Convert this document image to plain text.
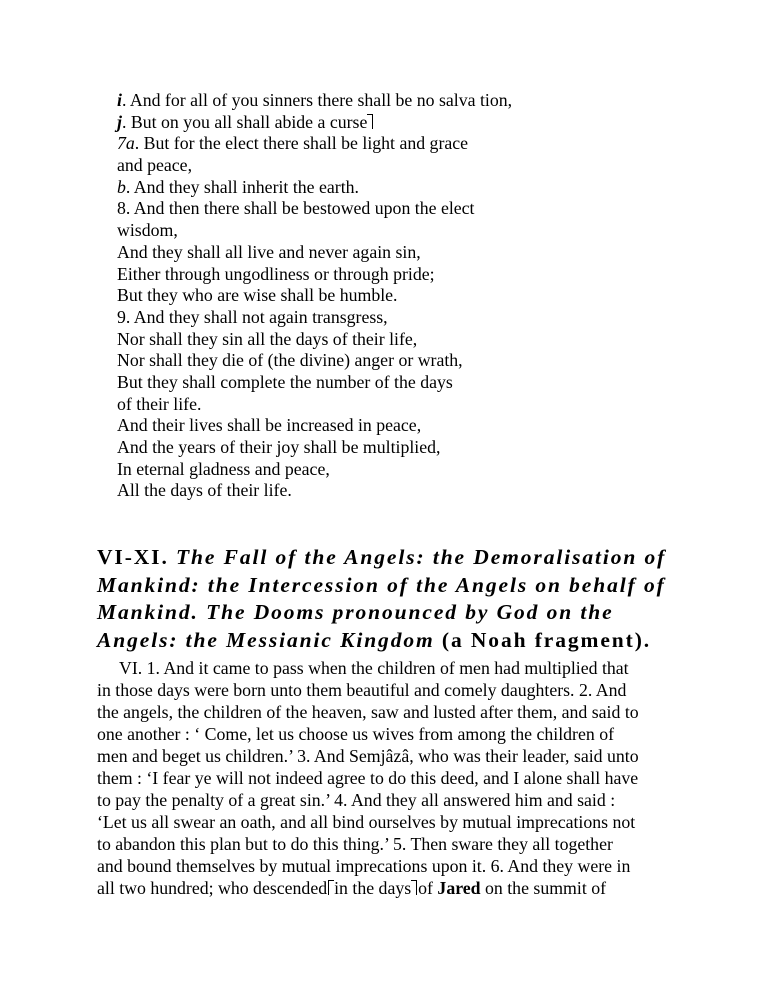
i. And for all of you sinners there shall be no salva tion,
j. But on you all shall abide a curse
7a. But for the elect there shall be light and grace
and peace,
b. And they shall inherit the earth.
8. And then there shall be bestowed upon the elect
wisdom,
And they shall all live and never again sin,
Either through ungodliness or through pride;
But they who are wise shall be humble.
9. And they shall not again transgress,
Nor shall they sin all the days of their life,
Nor shall they die of (the divine) anger or wrath,
But they shall complete the number of the days
of their life.
And their lives shall be increased in peace,
And the years of their joy shall be multiplied,
In eternal gladness and peace,
All the days of their life.
VI-XI. The Fall of the Angels: the Demoralisation of
Mankind: the Intercession of the Angels on behalf of
Mankind. The Dooms pronounced by God on the
Angels: the Messianic Kingdom (a Noah fragment).
VI. 1. And it came to pass when the children of men had multiplied that
in those days were born unto them beautiful and comely daughters. 2. And
the angels, the children of the heaven, saw and lusted after them, and said to
one another : ‘ Come, let us choose us wives from among the children of
men and beget us children.’ 3. And Semjâzâ, who was their leader, said unto
them : ‘I fear ye will not indeed agree to do this deed, and I alone shall have
to pay the penalty of a great sin.’ 4. And they all answered him and said :
‘Let us all swear an oath, and all bind ourselves by mutual imprecations not
to abandon this plan but to do this thing.’ 5. Then sware they all together
and bound themselves by mutual imprecations upon it. 6. And they were in
all two hundred; who descended in the days of Jared on the summit of
